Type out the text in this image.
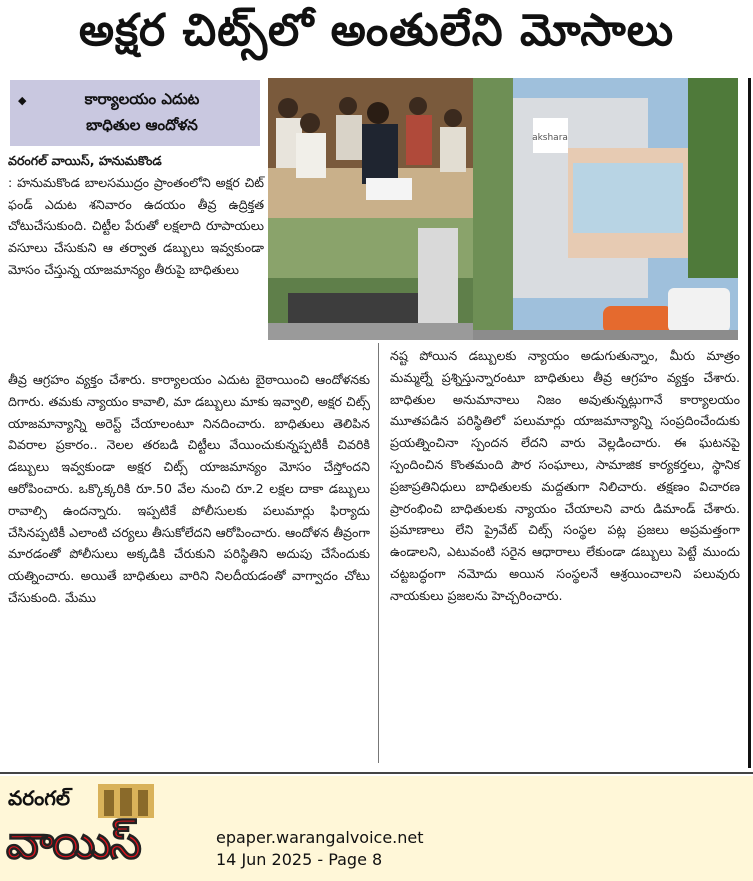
అక్షర చిట్స్‌లో అంతులేని మోసాలు
◆	కార్యాలయం ఎదుట
బాధితుల ఆందోళన
akshara

వరంగల్ వాయిస్, హనుమకొండ
: హనుమకొండ బాలసముద్రం ప్రాంతంలోని అక్షర చిట్ ఫండ్ ఎదుట శనివారం ఉదయం తీవ్ర ఉద్రిక్తత చోటుచేసుకుంది. చిట్టీల పేరుతో లక్షలాది రూపాయలు వసూలు చేసుకుని ఆ తర్వాత డబ్బులు ఇవ్వకుండా మోసం చేస్తున్న యాజమాన్యం తీరుపై బాధితులు

తీవ్ర ఆగ్రహం వ్యక్తం చేశారు. కార్యాలయం ఎదుట బైఠాయించి ఆందోళనకు దిగారు. తమకు న్యాయం కావాలి, మా డబ్బులు మాకు ఇవ్వాలి, అక్షర చిట్స్ యాజమాన్యాన్ని అరెస్ట్ చేయాలంటూ నినదించారు. బాధితులు తెలిపిన వివరాల ప్రకారం.. నెలల తరబడి చిట్టీలు వేయించుకున్నప్పటికీ చివరికి డబ్బులు ఇవ్వకుండా అక్షర చిట్స్ యాజమాన్యం మోసం చేస్తోందని ఆరోపించారు. ఒక్కొక్కరికి రూ.50 వేల నుంచి రూ.2 లక్షల దాకా డబ్బులు రావాల్సి ఉందన్నారు. ఇప్పటికే పోలీసులకు పలుమార్లు ఫిర్యాదు చేసినప్పటికీ ఎలాంటి చర్యలు తీసుకోలేదని ఆరోపించారు. ఆందోళన తీవ్రంగా మారడంతో పోలీసులు అక్కడికి చేరుకుని పరిస్థితిని అదుపు చేసేందుకు యత్నించారు. అయితే బాధితులు వారిని నిలదీయడంతో వాగ్వాదం చోటు చేసుకుంది. మేము

నష్ట పోయిన డబ్బులకు న్యాయం అడుగుతున్నాం, మీరు మాత్రం మమ్మల్నే ప్రశ్నిస్తున్నారంటూ బాధితులు తీవ్ర ఆగ్రహం వ్యక్తం చేశారు. బాధితుల అనుమానాలు నిజం అవుతున్నట్లుగానే కార్యాలయం మూతపడిన పరిస్థితిలో పలుమార్లు యాజమాన్యాన్ని సంప్రదించేందుకు ప్రయత్నించినా స్పందన లేదని వారు వెల్లడించారు. ఈ ఘటనపై స్పందించిన కొంతమంది పౌర సంఘాలు, సామాజిక కార్యకర్తలు, స్థానిక ప్రజాప్రతినిధులు బాధితులకు మద్దతుగా నిలిచారు. తక్షణం విచారణ ప్రారంభించి బాధితులకు న్యాయం చేయాలని వారు డిమాండ్ చేశారు. ప్రమాణాలు లేని ప్రైవేట్ చిట్స్ సంస్థల పట్ల ప్రజలు అప్రమత్తంగా ఉండాలని, ఎటువంటి సరైన ఆధారాలు లేకుండా డబ్బులు పెట్టే ముందు చట్టబద్ధంగా నమోదు అయిన సంస్థలనే ఆశ్రయించాలని పలువురు నాయకులు ప్రజలను హెచ్చరించారు.

వరంగల్
వాయిస్	epaper.warangalvoice.net
14 Jun 2025 - Page 8
